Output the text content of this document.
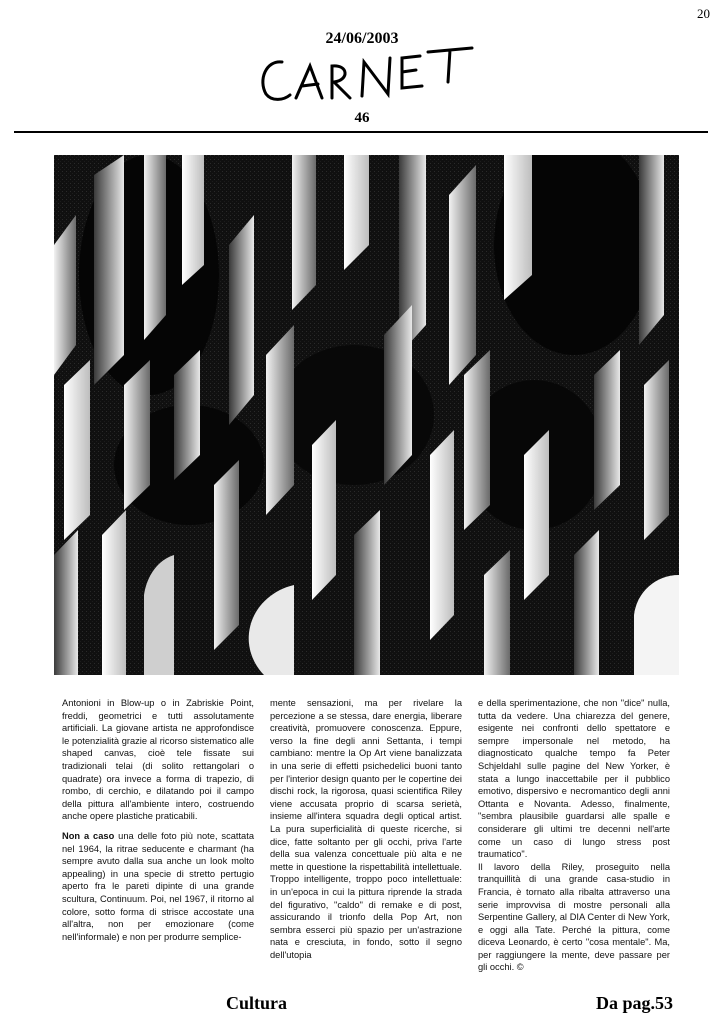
20
24/06/2003
46

Antonioni in Blow-up o in Zabriskie Point, freddi, geometrici e tutti assolutamente artificiali. La giovane artista ne approfondisce le potenzialità grazie al ricorso sistematico alle shaped canvas, cioè tele fissate sui tradizionali telai (di solito rettangolari o quadrate) ora invece a forma di trapezio, di rombo, di cerchio, e dilatando poi il campo della pittura all'ambiente intero, costruendo anche opere plastiche praticabili.

Non a caso una delle foto più note, scattata nel 1964, la ritrae seducente e charmant (ha sempre avuto dalla sua anche un look molto appealing) in una specie di stretto pertugio aperto fra le pareti dipinte di una grande scultura, Continuum. Poi, nel 1967, il ritorno al colore, sotto forma di strisce accostate una all'altra, non per emozionare (come nell'informale) e non per produrre semplice-

mente sensazioni, ma per rivelare la percezione a se stessa, dare energia, liberare creatività, promuovere conoscenza. Eppure, verso la fine degli anni Settanta, i tempi cambiano: mentre la Op Art viene banalizzata in una serie di effetti psichedelici buoni tanto per l'interior design quanto per le copertine dei dischi rock, la rigorosa, quasi scientifica Riley viene accusata proprio di scarsa serietà, insieme all'intera squadra degli optical artist. La pura superficialità di queste ricerche, si dice, fatte soltanto per gli occhi, priva l'arte della sua valenza concettuale più alta e ne mette in questione la rispettabilità intellettuale. Troppo intelligente, troppo poco intellettuale: in un'epoca in cui la pittura riprende la strada del figurativo, "caldo" di remake e di post, assicurando il trionfo della Pop Art, non sembra esserci più spazio per un'astrazione nata e cresciuta, in fondo, sotto il segno dell'utopia

e della sperimentazione, che non "dice" nulla, tutta da vedere. Una chiarezza del genere, esigente nei confronti dello spettatore e sempre impersonale nel metodo, ha diagnosticato qualche tempo fa Peter Schjeldahl sulle pagine del New Yorker, è stata a lungo inaccettabile per il pubblico emotivo, dispersivo e necromantico degli anni Ottanta e Novanta. Adesso, finalmente, "sembra plausibile guardarsi alle spalle e considerare gli ultimi tre decenni nell'arte come un caso di lungo stress post traumatico".

Il lavoro della Riley, proseguito nella tranquillità di una grande casa-studio in Francia, è tornato alla ribalta attraverso una serie improvvisa di mostre personali alla Serpentine Gallery, al DIA Center di New York, e oggi alla Tate. Perché la pittura, come diceva Leonardo, è certo "cosa mentale". Ma, per raggiungere la mente, deve passare per gli occhi. ©

Cultura	Da pag.53
